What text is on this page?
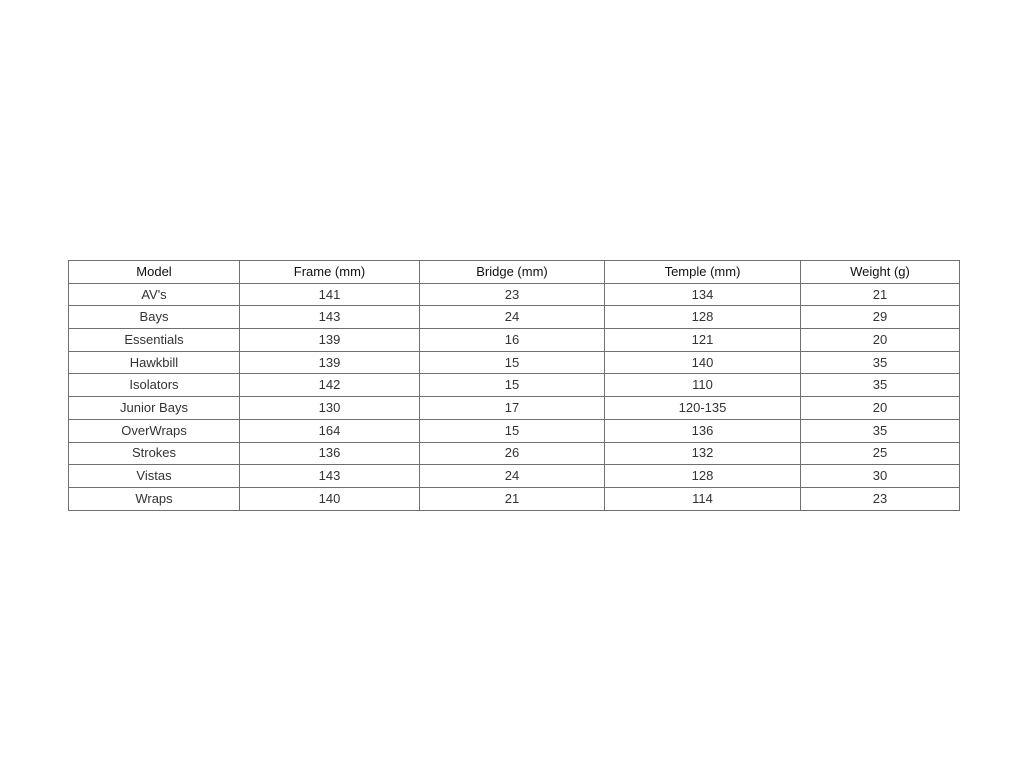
Model	Frame (mm)	Bridge (mm)	Temple (mm)	Weight (g)
AV's	141	23	134	21
Bays	143	24	128	29
Essentials	139	16	121	20
Hawkbill	139	15	140	35
Isolators	142	15	110	35
Junior Bays	130	17	120-135	20
OverWraps	164	15	136	35
Strokes	136	26	132	25
Vistas	143	24	128	30
Wraps	140	21	114	23
